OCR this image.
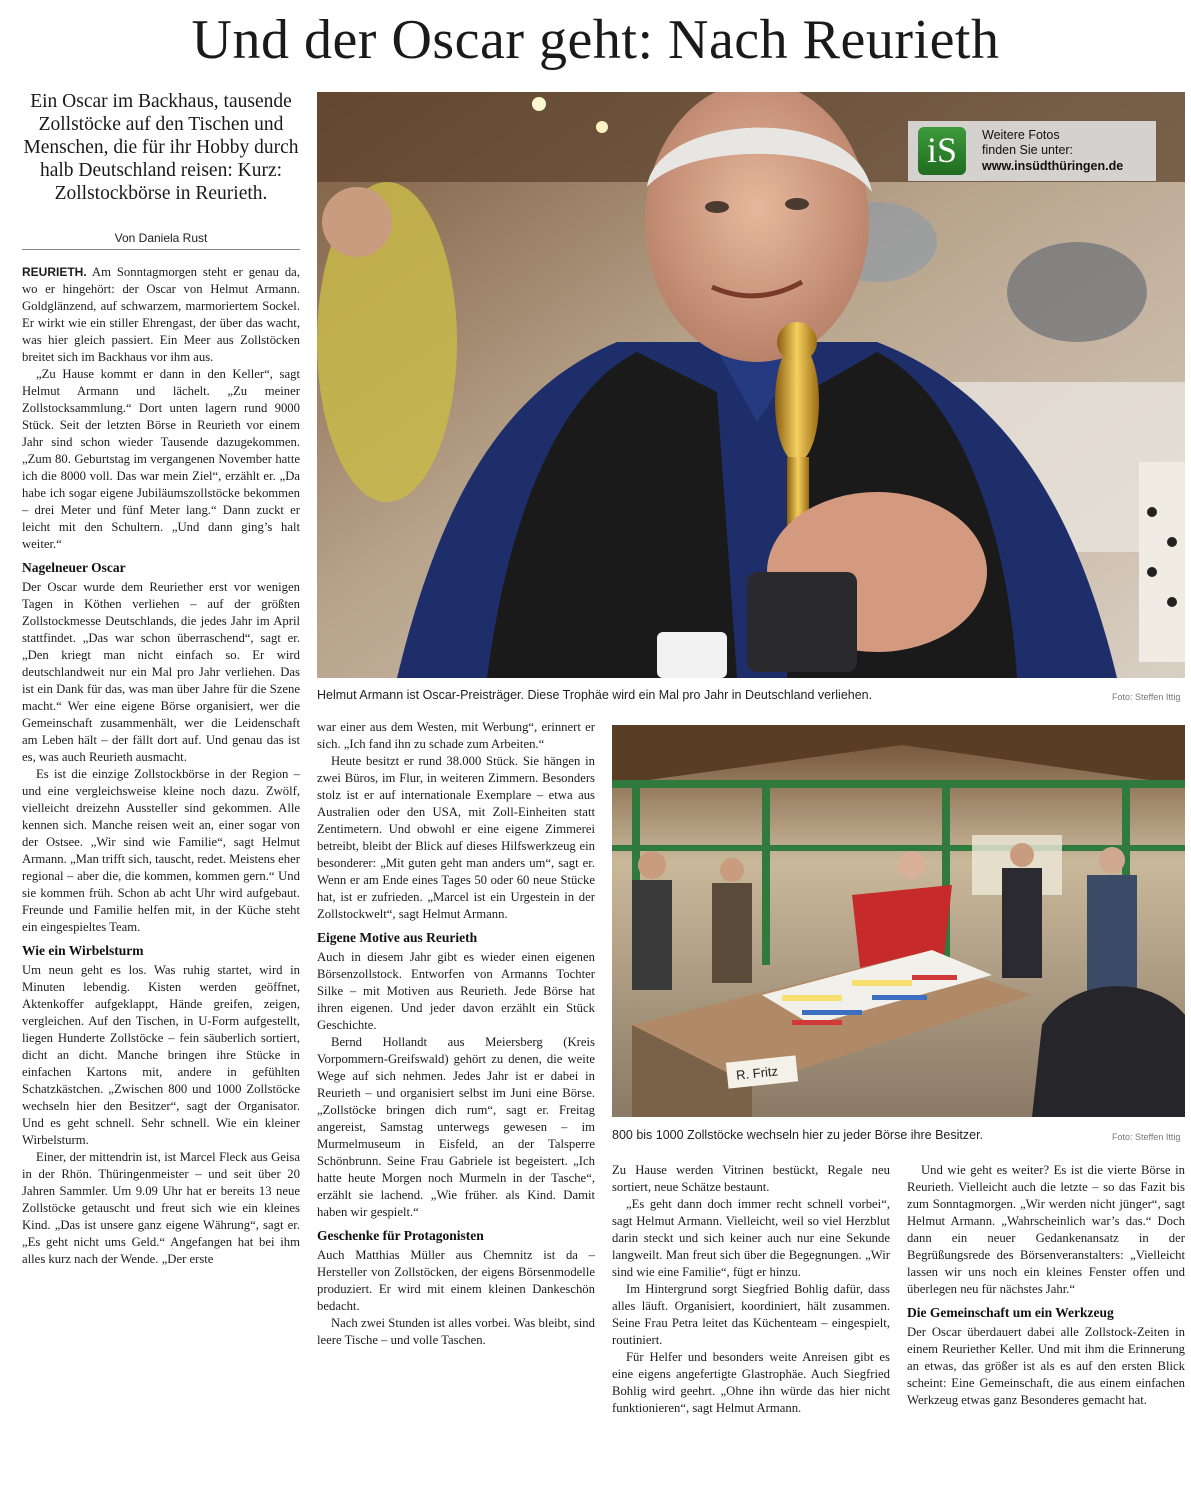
Und der Oscar geht: Nach Reurieth

Ein Oscar im Backhaus, tausende Zollstöcke auf den Tischen und Menschen, die für ihr Hobby durch halb Deutschland reisen: Kurz: Zollstockbörse in Reurieth.

Von Daniela Rust

REURIETH. Am Sonntagmorgen steht er genau da, wo er hingehört: der Oscar von Helmut Armann. Goldglänzend, auf schwarzem, marmoriertem Sockel. Er wirkt wie ein stiller Ehrengast, der über das wacht, was hier gleich passiert. Ein Meer aus Zollstöcken breitet sich im Backhaus vor ihm aus.

„Zu Hause kommt er dann in den Keller“, sagt Helmut Armann und lächelt. „Zu meiner Zollstocksammlung.“ Dort unten lagern rund 9000 Stück. Seit der letzten Börse in Reurieth vor einem Jahr sind schon wieder Tausende dazugekommen. „Zum 80. Geburtstag im vergangenen November hatte ich die 8000 voll. Das war mein Ziel“, erzählt er. „Da habe ich sogar eigene Jubiläumszollstöcke bekommen – drei Meter und fünf Meter lang.“ Dann zuckt er leicht mit den Schultern. „Und dann ging’s halt weiter.“

Nagelneuer Oscar

Der Oscar wurde dem Reuriether erst vor wenigen Tagen in Köthen verliehen – auf der größten Zollstockmesse Deutschlands, die jedes Jahr im April stattfindet. „Das war schon überraschend“, sagt er. „Den kriegt man nicht einfach so. Er wird deutschlandweit nur ein Mal pro Jahr verliehen. Das ist ein Dank für das, was man über Jahre für die Szene macht.“ Wer eine eigene Börse organisiert, wer die Gemeinschaft zusammenhält, wer die Leidenschaft am Leben hält – der fällt dort auf. Und genau das ist es, was auch Reurieth ausmacht.

Es ist die einzige Zollstockbörse in der Region – und eine vergleichsweise kleine noch dazu. Zwölf, vielleicht dreizehn Aussteller sind gekommen. Alle kennen sich. Manche reisen weit an, einer sogar von der Ostsee. „Wir sind wie Familie“, sagt Helmut Armann. „Man trifft sich, tauscht, redet. Meistens eher regional – aber die, die kommen, kommen gern.“ Und sie kommen früh. Schon ab acht Uhr wird aufgebaut. Freunde und Familie helfen mit, in der Küche steht ein eingespieltes Team.

Wie ein Wirbelsturm

Um neun geht es los. Was ruhig startet, wird in Minuten lebendig. Kisten werden geöffnet, Aktenkoffer aufgeklappt, Hände greifen, zeigen, vergleichen. Auf den Tischen, in U-Form aufgestellt, liegen Hunderte Zollstöcke – fein säuberlich sortiert, dicht an dicht. Manche bringen ihre Stücke in einfachen Kartons mit, andere in gefühlten Schatzkästchen. „Zwischen 800 und 1000 Zollstöcke wechseln hier den Besitzer“, sagt der Organisator. Und es geht schnell. Sehr schnell. Wie ein kleiner Wirbelsturm.

Einer, der mittendrin ist, ist Marcel Fleck aus Geisa in der Rhön. Thüringenmeister – und seit über 20 Jahren Sammler. Um 9.09 Uhr hat er bereits 13 neue Zollstöcke getauscht und freut sich wie ein kleines Kind. „Das ist unsere ganz eigene Währung“, sagt er. „Es geht nicht ums Geld.“ Angefangen hat bei ihm alles kurz nach der Wende. „Der erste

iS	Weitere Fotos
finden Sie unter:
www.insüdthüringen.de
Helmut Armann ist Oscar-Preisträger. Diese Trophäe wird ein Mal pro Jahr in Deutschland verliehen.	Foto: Steffen Ittig

war einer aus dem Westen, mit Werbung“, erinnert er sich. „Ich fand ihn zu schade zum Arbeiten.“

Heute besitzt er rund 38.000 Stück. Sie hängen in zwei Büros, im Flur, in weiteren Zimmern. Besonders stolz ist er auf internationale Exemplare – etwa aus Australien oder den USA, mit Zoll-Einheiten statt Zentimetern. Und obwohl er eine eigene Zimmerei betreibt, bleibt der Blick auf dieses Hilfswerkzeug ein besonderer: „Mit guten geht man anders um“, sagt er. Wenn er am Ende eines Tages 50 oder 60 neue Stücke hat, ist er zufrieden. „Marcel ist ein Urgestein in der Zollstockwelt“, sagt Helmut Armann.

Eigene Motive aus Reurieth

Auch in diesem Jahr gibt es wieder einen eigenen Börsenzollstock. Entworfen von Armanns Tochter Silke – mit Motiven aus Reurieth. Jede Börse hat ihren eigenen. Und jeder davon erzählt ein Stück Geschichte.

Bernd Hollandt aus Meiersberg (Kreis Vorpommern-Greifswald) gehört zu denen, die weite Wege auf sich nehmen. Jedes Jahr ist er dabei in Reurieth – und organisiert selbst im Juni eine Börse. „Zollstöcke bringen dich rum“, sagt er. Freitag angereist, Samstag unterwegs gewesen – im Murmelmuseum in Eisfeld, an der Talsperre Schönbrunn. Seine Frau Gabriele ist begeistert. „Ich hatte heute Morgen noch Murmeln in der Tasche“, erzählt sie lachend. „Wie früher. als Kind. Damit haben wir gespielt.“

Geschenke für Protagonisten

Auch Matthias Müller aus Chemnitz ist da – Hersteller von Zollstöcken, der eigens Börsenmodelle produziert. Er wird mit einem kleinen Dankeschön bedacht.

Nach zwei Stunden ist alles vorbei. Was bleibt, sind leere Tische – und volle Taschen.

R. Fritz
800 bis 1000 Zollstöcke wechseln hier zu jeder Börse ihre Besitzer.	Foto: Steffen Ittig

Zu Hause werden Vitrinen bestückt, Regale neu sortiert, neue Schätze bestaunt.

„Es geht dann doch immer recht schnell vorbei“, sagt Helmut Armann. Vielleicht, weil so viel Herzblut darin steckt und sich keiner auch nur eine Sekunde langweilt. Man freut sich über die Begegnungen. „Wir sind wie eine Familie“, fügt er hinzu.

Im Hintergrund sorgt Siegfried Bohlig dafür, dass alles läuft. Organisiert, koordiniert, hält zusammen. Seine Frau Petra leitet das Küchenteam – eingespielt, routiniert.

Für Helfer und besonders weite Anreisen gibt es eine eigens angefertigte Glastrophäe. Auch Siegfried Bohlig wird geehrt. „Ohne ihn würde das hier nicht funktionieren“, sagt Helmut Armann.

Und wie geht es weiter? Es ist die vierte Börse in Reurieth. Vielleicht auch die letzte – so das Fazit bis zum Sonntagmorgen. „Wir werden nicht jünger“, sagt Helmut Armann. „Wahrscheinlich war’s das.“ Doch dann ein neuer Gedankenansatz in der Begrüßungsrede des Börsenveranstalters: „Vielleicht lassen wir uns noch ein kleines Fenster offen und überlegen neu für nächstes Jahr.“

Die Gemeinschaft um ein Werkzeug

Der Oscar überdauert dabei alle Zollstock-Zeiten in einem Reuriether Keller. Und mit ihm die Erinnerung an etwas, das größer ist als es auf den ersten Blick scheint: Eine Gemeinschaft, die aus einem einfachen Werkzeug etwas ganz Besonderes gemacht hat.
